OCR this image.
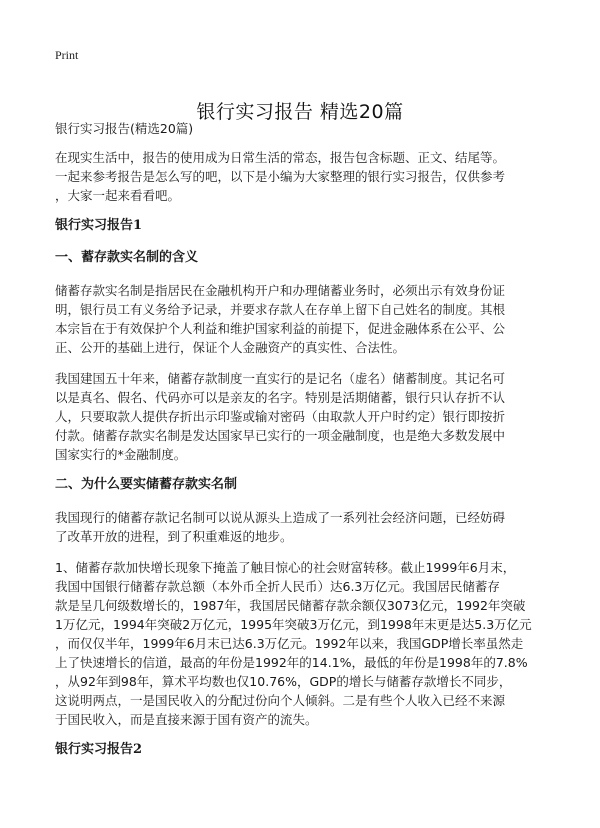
Print
银行实习报告 精选20篇
银行实习报告(精选20篇)

在现实生活中，报告的使用成为日常生活的常态，报告包含标题、正文、结尾等。
一起来参考报告是怎么写的吧，以下是小编为大家整理的银行实习报告，仅供参考
，大家一起来看看吧。

银行实习报告1
一、蓄存款实名制的含义

储蓄存款实名制是指居民在金融机构开户和办理储蓄业务时，必须出示有效身份证
明，银行员工有义务给予记录，并要求存款人在存单上留下自己姓名的制度。其根
本宗旨在于有效保护个人利益和维护国家利益的前提下，促进金融体系在公平、公
正、公开的基础上进行，保证个人金融资产的真实性、合法性。

我国建国五十年来，储蓄存款制度一直实行的是记名（虚名）储蓄制度。其记名可
以是真名、假名、代码亦可以是亲友的名字。特别是活期储蓄，银行只认存折不认
人，只要取款人提供存折出示印鉴或输对密码（由取款人开户时约定）银行即按折
付款。储蓄存款实名制是发达国家早已实行的一项金融制度，也是绝大多数发展中
国家实行的*金融制度。

二、为什么要实储蓄存款实名制

我国现行的储蓄存款记名制可以说从源头上造成了一系列社会经济问题，已经妨碍
了改革开放的进程，到了积重难返的地步。

1、储蓄存款加快增长现象下掩盖了触目惊心的社会财富转移。截止1999年6月末，
我国中国银行储蓄存款总额（本外币全折人民币）达6.3万亿元。我国居民储蓄存
款是呈几何级数增长的，1987年，我国居民储蓄存款余额仅3073亿元，1992年突破
1万亿元，1994年突破2万亿元，1995年突破3万亿元，到1998年末更是达5.3万亿元
，而仅仅半年，1999年6月末已达6.3万亿元。1992年以来，我国GDP增长率虽然走
上了快速增长的信道，最高的年份是1992年的14.1%，最低的年份是1998年的7.8%
，从92年到98年，算术平均数也仅10.76%，GDP的增长与储蓄存款增长不同步，
这说明两点，一是国民收入的分配过份向个人倾斜。二是有些个人收入已经不来源
于国民收入，而是直接来源于国有资产的流失。

银行实习报告2
